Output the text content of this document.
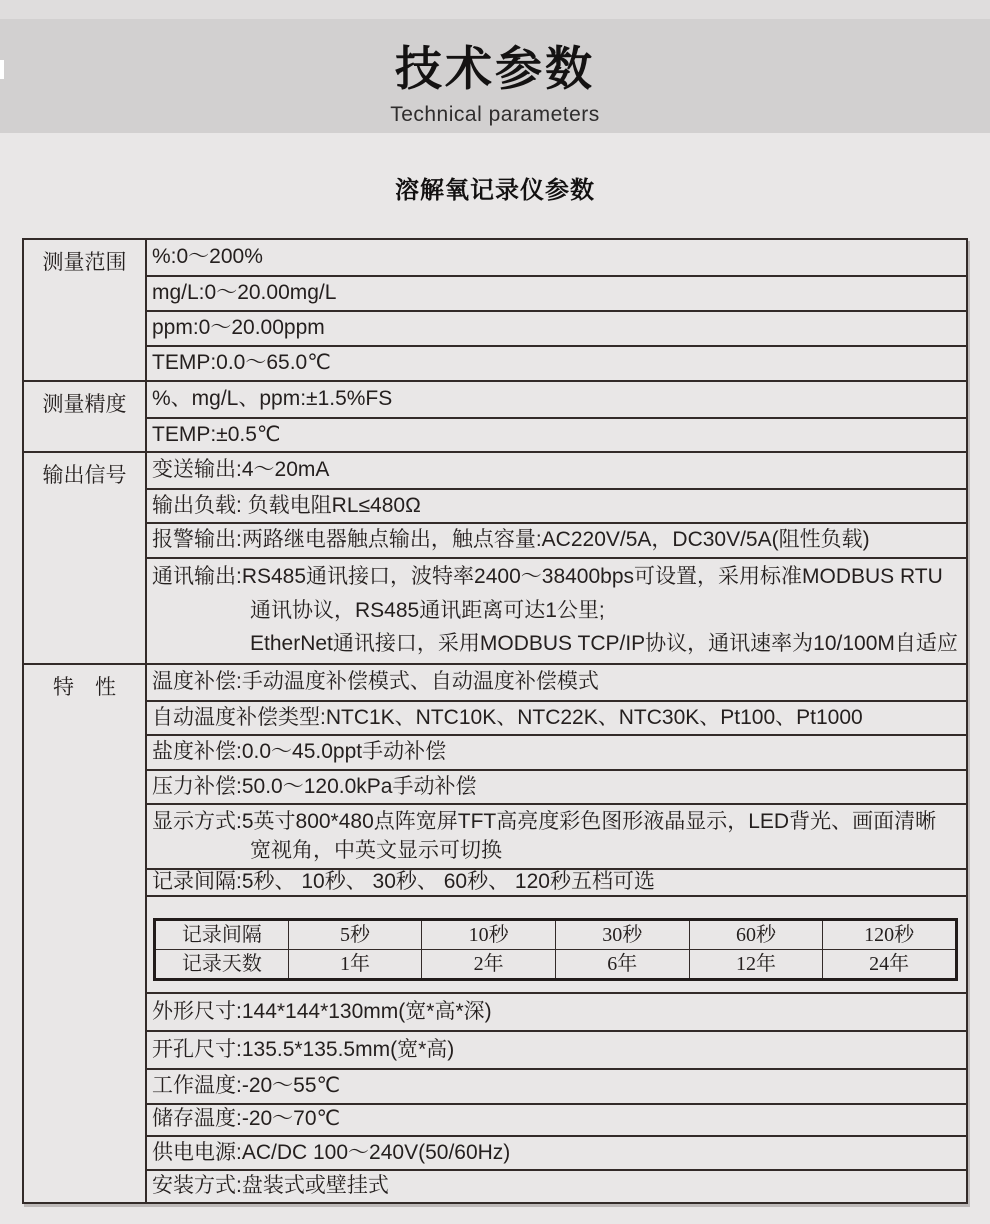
技术参数
Technical parameters
溶解氧记录仪参数
测量范围	%:0～200%
mg/L:0～20.00mg/L
ppm:0～20.00ppm
TEMP:0.0～65.0℃
测量精度	%、mg/L、ppm:±1.5%FS
TEMP:±0.5℃
输出信号	变送输出:4～20mA
输出负载: 负载电阻RL≤480Ω
报警输出:两路继电器触点输出，触点容量:AC220V/5A，DC30V/5A(阻性负载)
通讯输出:RS485通讯接口，波特率2400～38400bps可设置，采用标准MODBUS RTU
通讯协议，RS485通讯距离可达1公里;
EtherNet通讯接口，采用MODBUS TCP/IP协议，通讯速率为10/100M自适应
特　性	温度补偿:手动温度补偿模式、自动温度补偿模式
自动温度补偿类型:NTC1K、NTC10K、NTC22K、NTC30K、Pt100、Pt1000
盐度补偿:0.0～45.0ppt手动补偿
压力补偿:50.0～120.0kPa手动补偿
显示方式:5英寸800*480点阵宽屏TFT高亮度彩色图形液晶显示，LED背光、画面清晰
宽视角，中英文显示可切换
记录间隔:5秒、 10秒、 30秒、 60秒、 120秒五档可选
记录间隔	5秒	10秒	30秒	60秒	120秒
记录天数	1年	2年	6年	12年	24年
外形尺寸:144*144*130mm(宽*高*深)
开孔尺寸:135.5*135.5mm(宽*高)
工作温度:-20～55℃
储存温度:-20～70℃
供电电源:AC/DC 100～240V(50/60Hz)
安装方式:盘装式或壁挂式
